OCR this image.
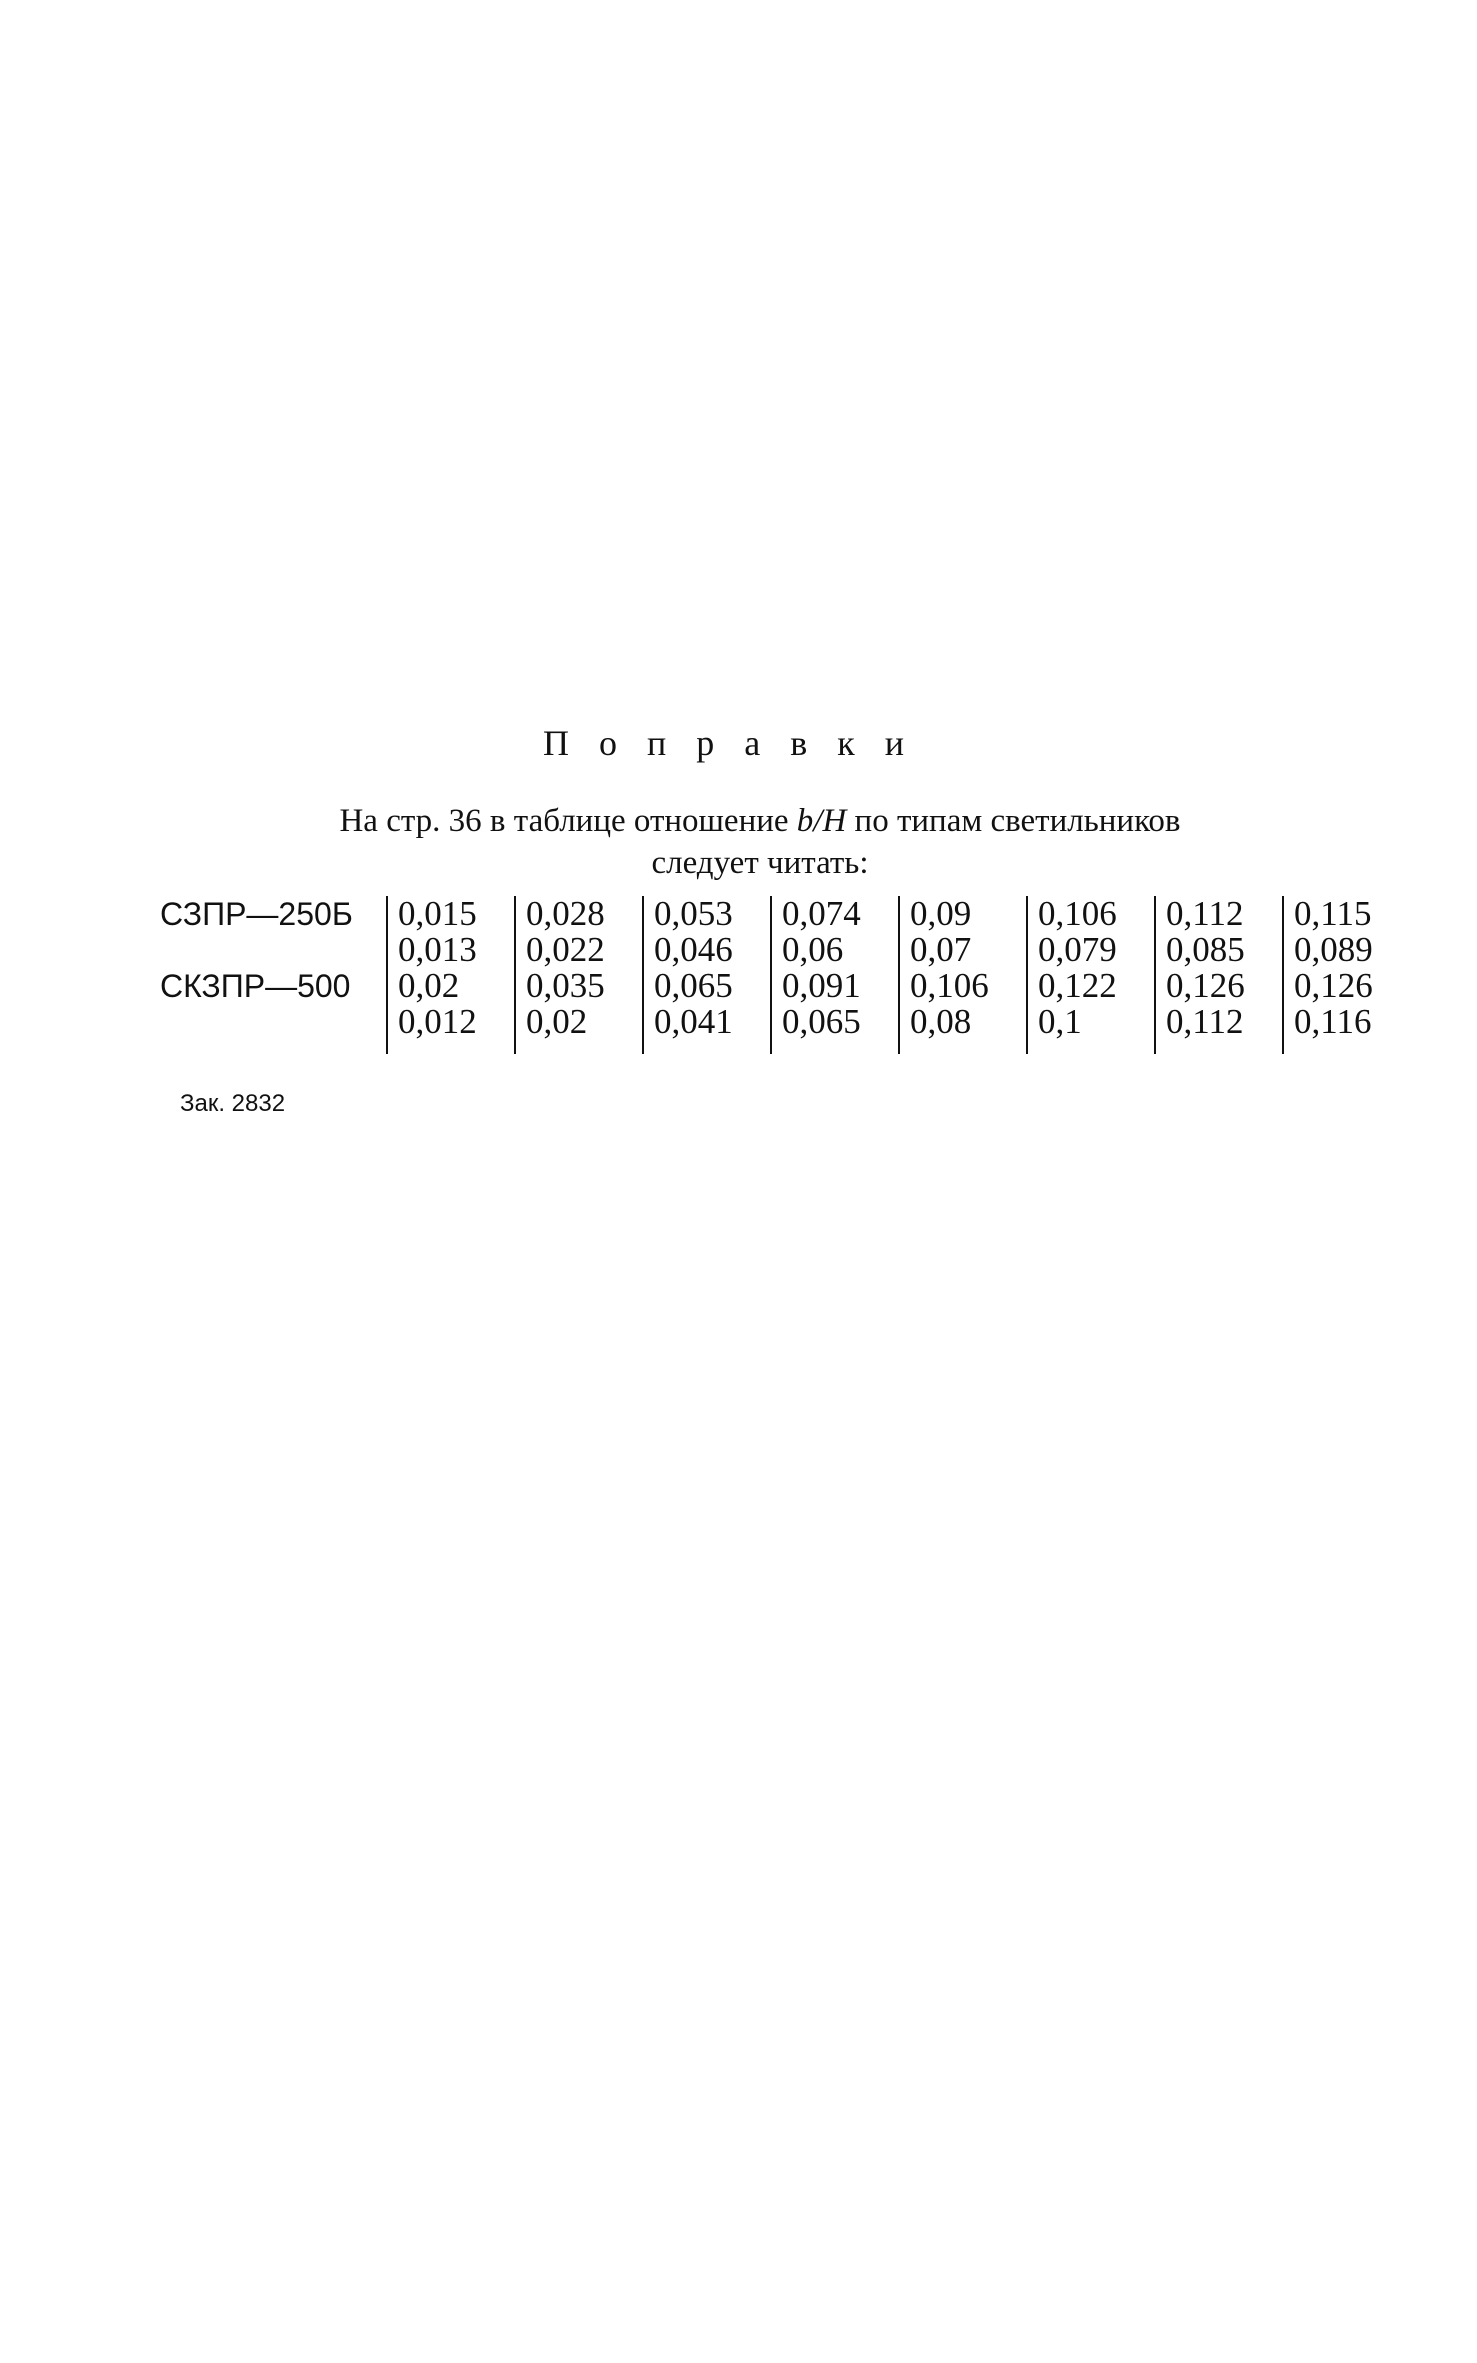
Поправки
На стр. 36 в таблице отношение b/H по типам светильников
следует читать:
СЗПР—250Б	0,015	0,028	0,053	0,074	0,09	0,106	0,112	0,115
	0,013	0,022	0,046	0,06	0,07	0,079	0,085	0,089
СКЗПР—500	0,02	0,035	0,065	0,091	0,106	0,122	0,126	0,126
	0,012	0,02	0,041	0,065	0,08	0,1	0,112	0,116
Зак. 2832
